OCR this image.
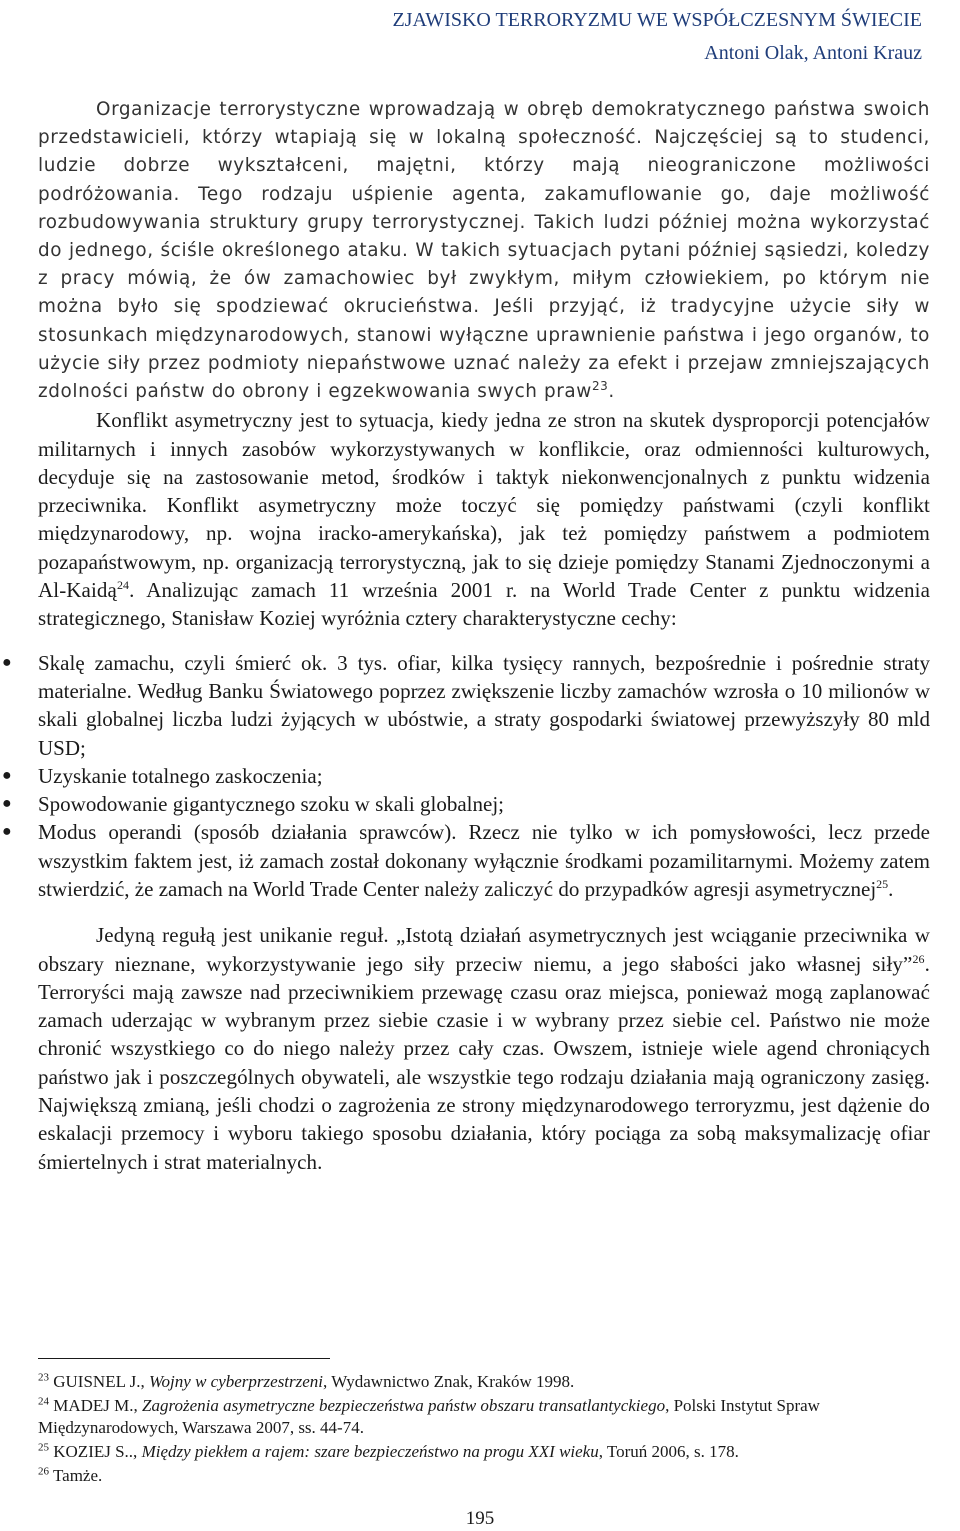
ZJAWISKO TERRORYZMU WE WSPÓŁCZESNYM ŚWIECIE
Antoni Olak, Antoni Krauz

Organizacje terrorystyczne wprowadzają w obręb demokratycznego państwa swoich przedstawicieli, którzy wtapiają się w lokalną społeczność. Najczęściej są to studenci, ludzie dobrze wykształceni, majętni, którzy mają nieograniczone możliwości podróżowania. Tego rodzaju uśpienie agenta, zakamuflowanie go, daje możliwość rozbudowywania struktury grupy terrorystycznej. Takich ludzi później można wykorzystać do jednego, ściśle określonego ataku. W takich sytuacjach pytani później sąsiedzi, koledzy z pracy mówią, że ów zamachowiec był zwykłym, miłym człowiekiem, po którym nie można było się spodziewać okrucieństwa. Jeśli przyjąć, iż tradycyjne użycie siły w stosunkach międzynarodowych, stanowi wyłączne uprawnienie państwa i jego organów, to użycie siły przez podmioty niepaństwowe uznać należy za efekt i przejaw zmniejszających zdolności państw do obrony i egzekwowania swych praw$^{23}$.

Konflikt asymetryczny jest to sytuacja, kiedy jedna ze stron na skutek dysproporcji potencjałów militarnych i innych zasobów wykorzystywanych w konflikcie, oraz odmienności kulturowych, decyduje się na zastosowanie metod, środków i taktyk niekonwencjonalnych z punktu widzenia przeciwnika. Konflikt asymetryczny może toczyć się pomiędzy państwami (czyli konflikt międzynarodowy, np. wojna iracko-amerykańska), jak też pomiędzy państwem a podmiotem pozapaństwowym, np. organizacją terrorystyczną, jak to się dzieje pomiędzy Stanami Zjednoczonymi a Al-Kaidą$^{24}$. Analizując zamach 11 września 2001 r. na World Trade Center z punktu widzenia strategicznego, Stanisław Koziej wyróżnia cztery charakterystyczne cechy:

● Skalę zamachu, czyli śmierć ok. 3 tys. ofiar, kilka tysięcy rannych, bezpośrednie i pośrednie straty materialne. Według Banku Światowego poprzez zwiększenie liczby zamachów wzrosła o 10 milionów w skali globalnej liczba ludzi żyjących w ubóstwie, a straty gospodarki światowej przewyższyły 80 mld USD;
● Uzyskanie totalnego zaskoczenia;
● Spowodowanie gigantycznego szoku w skali globalnej;
● Modus operandi (sposób działania sprawców). Rzecz nie tylko w ich pomysłowości, lecz przede wszystkim faktem jest, iż zamach został dokonany wyłącznie środkami pozamilitarnymi. Możemy zatem stwierdzić, że zamach na World Trade Center należy zaliczyć do przypadków agresji asymetrycznej$^{25}$.

Jedyną regułą jest unikanie reguł. „Istotą działań asymetrycznych jest wciąganie przeciwnika w obszary nieznane, wykorzystywanie jego siły przeciw niemu, a jego słabości jako własnej siły”$^{26}$. Terroryści mają zawsze nad przeciwnikiem przewagę czasu oraz miejsca, ponieważ mogą zaplanować zamach uderzając w wybranym przez siebie czasie i w wybrany przez siebie cel. Państwo nie może chronić wszystkiego co do niego należy przez cały czas. Owszem, istnieje wiele agend chroniących państwo jak i poszczególnych obywateli, ale wszystkie tego rodzaju działania mają ograniczony zasięg. Największą zmianą, jeśli chodzi o zagrożenia ze strony międzynarodowego terroryzmu, jest dążenie do eskalacji przemocy i wyboru takiego sposobu działania, który pociąga za sobą maksymalizację ofiar śmiertelnych i strat materialnych.

$^{23}$ GUISNEL J., Wojny w cyberprzestrzeni, Wydawnictwo Znak, Kraków 1998.

$^{24}$ MADEJ M., Zagrożenia asymetryczne bezpieczeństwa państw obszaru transatlantyckiego, Polski Instytut Spraw Międzynarodowych, Warszawa 2007, ss. 44-74.

$^{25}$ KOZIEJ S.., Między piekłem a rajem: szare bezpieczeństwo na progu XXI wieku, Toruń 2006, s. 178.

$^{26}$ Tamże.

195
